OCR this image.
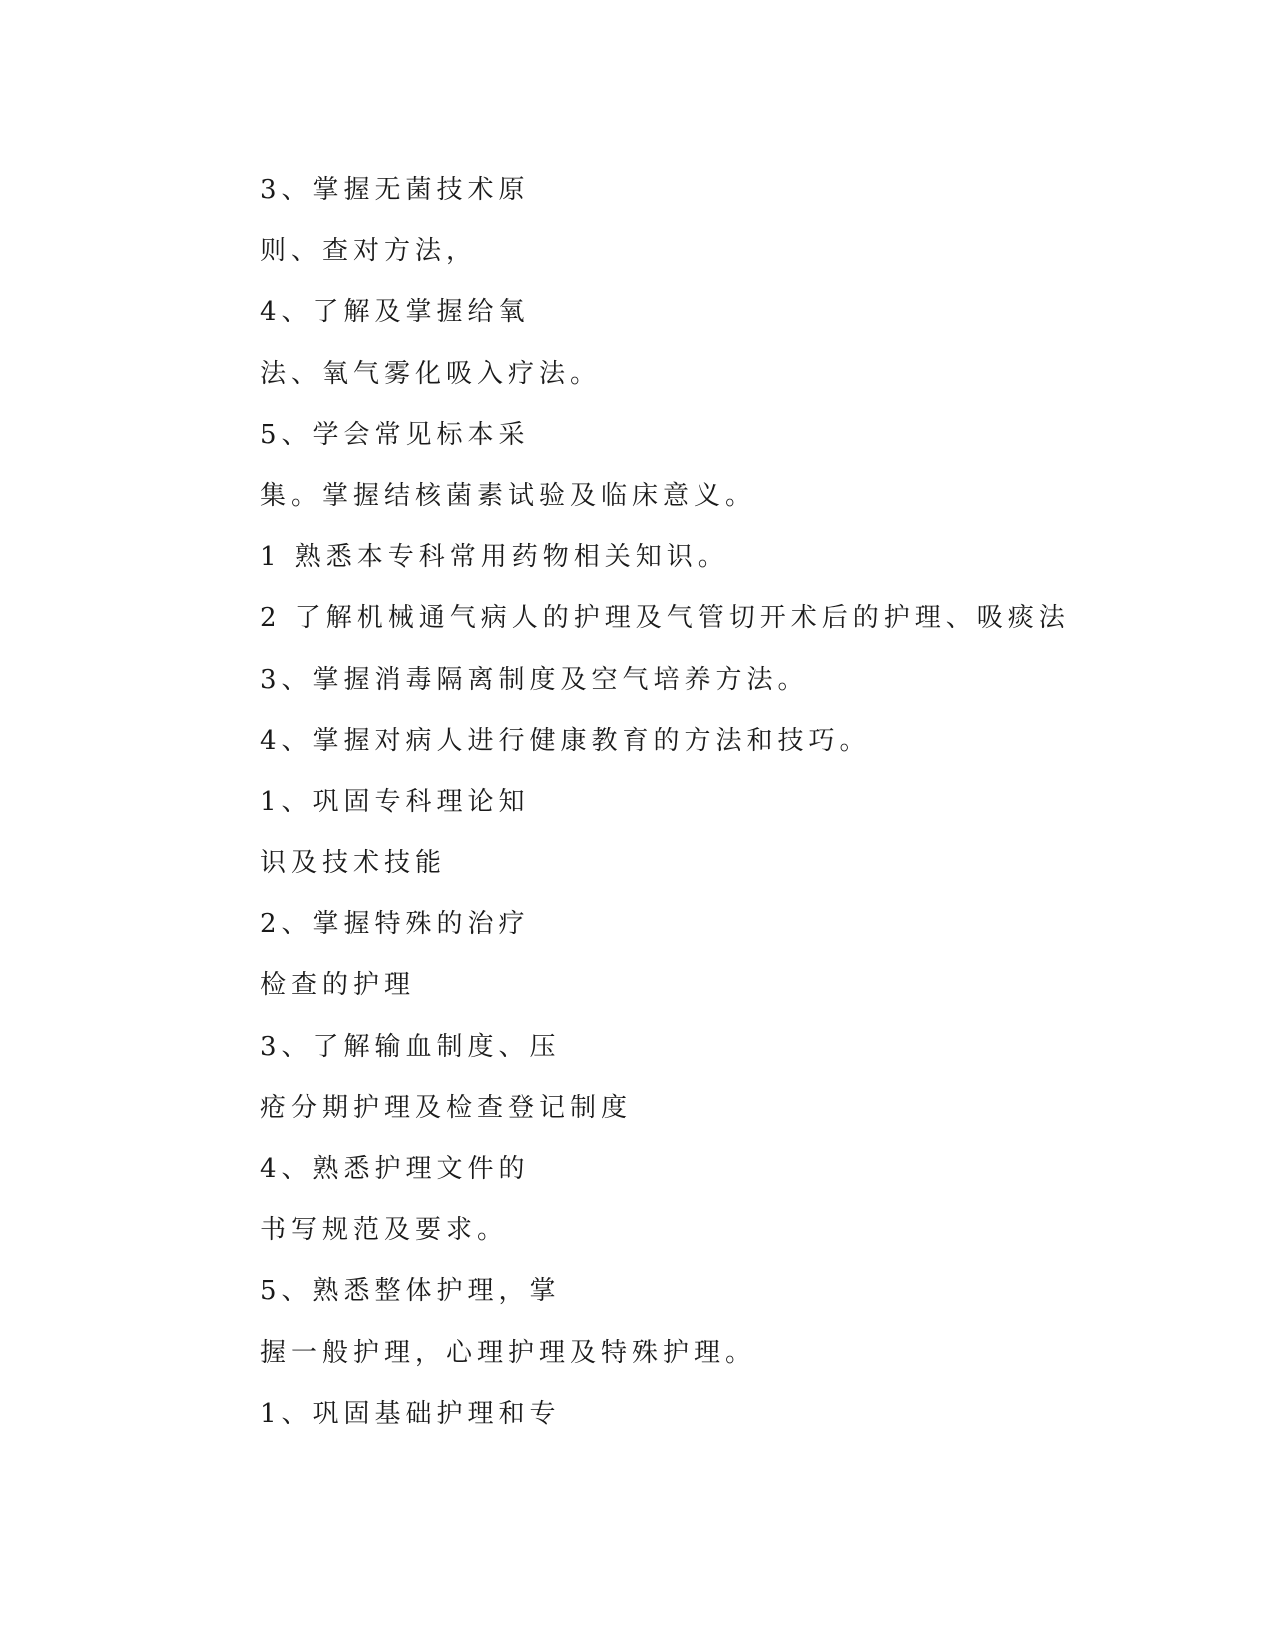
3、掌握无菌技术原
则、查对方法，
4、了解及掌握给氧
法、氧气雾化吸入疗法。
5、学会常见标本采
集。掌握结核菌素试验及临床意义。
1 熟悉本专科常用药物相关知识。
2 了解机械通气病人的护理及气管切开术后的护理、吸痰法
3、掌握消毒隔离制度及空气培养方法。
4、掌握对病人进行健康教育的方法和技巧。
1、巩固专科理论知
识及技术技能
2、掌握特殊的治疗
检查的护理
3、了解输血制度、压
疮分期护理及检查登记制度
4、熟悉护理文件的
书写规范及要求。
5、熟悉整体护理，掌
握一般护理，心理护理及特殊护理。
1、巩固基础护理和专
